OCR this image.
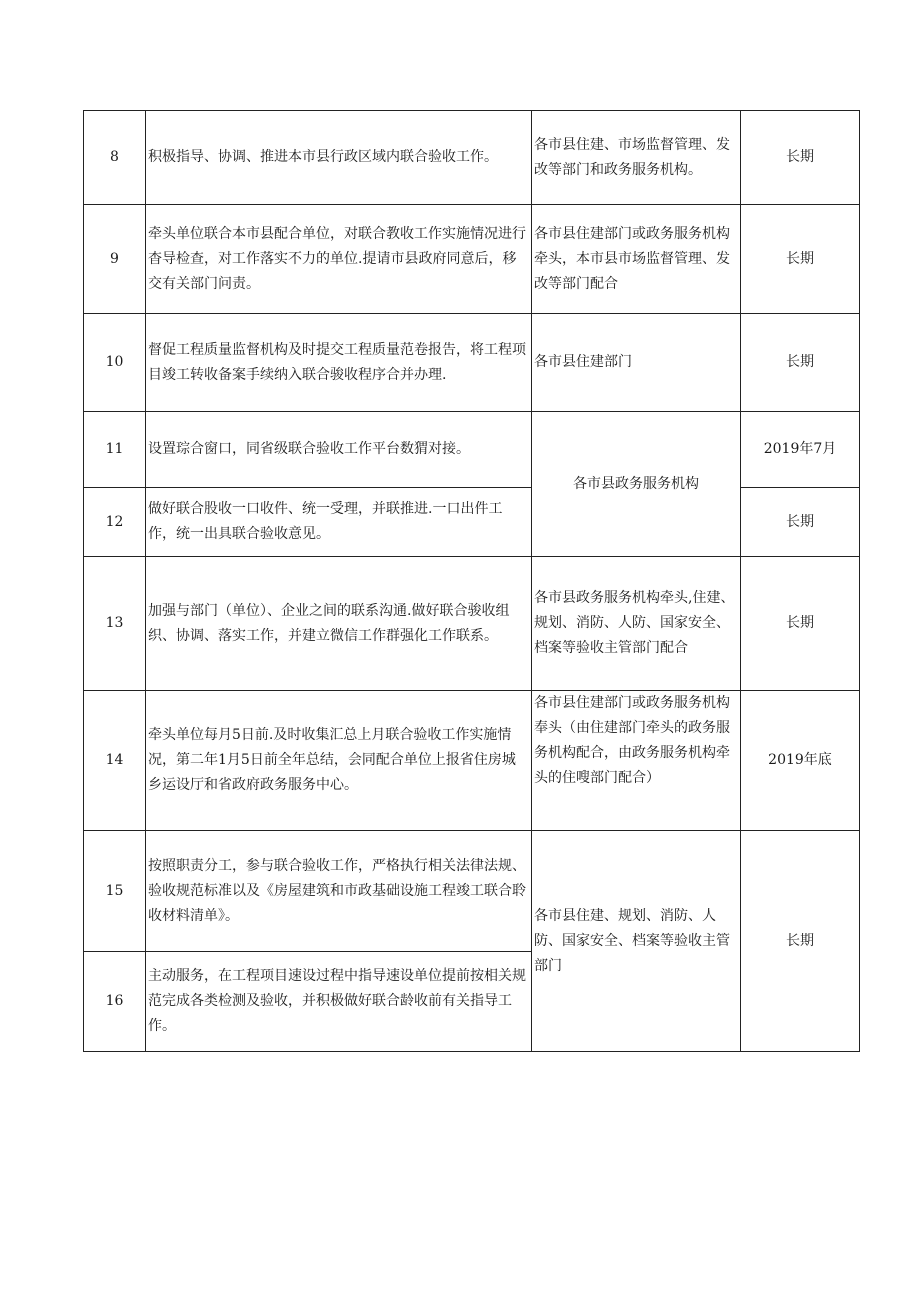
8	积极指导、协调、推进本市县行政区域内联合验收工作。	各市县住建、市场监督管理、发改等部门和政务服务机构。	长期
9	牵头单位联合本市县配合单位，对联合教收工作实施情况进行杳导检查，对工作落实不力的单位.提请市县政府同意后，移交有关部门问责。	各市县住建部门或政务服务机构牵头，本市县市场监督管理、发改等部门配合	长期
10	督促工程质量监督机构及时提交工程质量范卷报告，将工程项目竣工转收备案手续纳入联合骏收程序合并办理.	各市县住建部门	长期
11	设置琮合窗口，同省级联合验收工作平台数猬对接。	各市县政务服务机构	2019年7月
12	做好联合股收一口收件、统一受理，并联推进.一口出件工作，统一出具联合验收意见。		长期
13	加强与部门（单位）、企业之间的联系沟通.做好联合骏收组织、协调、落实工作，并建立微信工作群强化工作联系。	各市县政务服务机构牵头,住建、规划、消防、人防、国家安全、档案等验收主管部门配合	长期
14	牵头单位每月5日前.及时收集汇总上月联合验收工作实施情况，第二年1月5日前全年总结，会同配合单位上报省住房城乡运设厅和省政府政务服务中心。	各市县住建部门或政务服务机构奉头（由住建部门牵头的政务服务机构配合，由政务服务机构牵头的住嗖部门配合）	2019年底
15	按照职责分工，参与联合验收工作，严格执行相关法律法规、验收规范标准以及《房屋建筑和市政基础设施工程竣工联合聆收材料清单》。	各市县住建、规划、消防、人防、国家安全、档案等验收主管部门	长期
16	主动服务，在工程项目速设过程中指导速设单位提前按相关规范完成各类检测及验收，并积极做好联合龄收前有关指导工作。		
